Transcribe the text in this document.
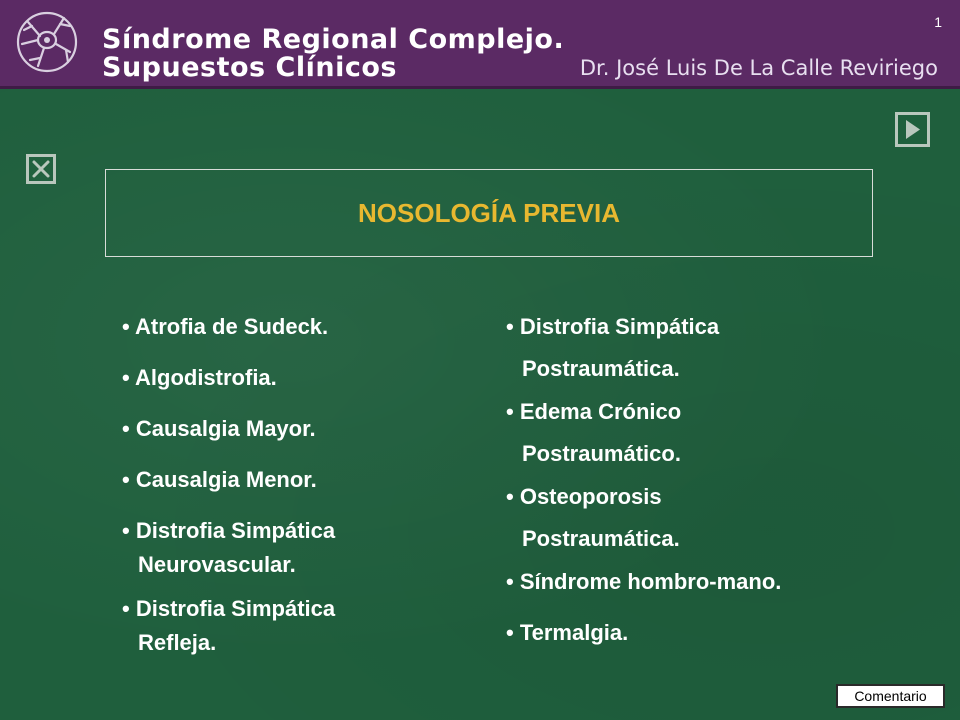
Síndrome Regional Complejo.
Supuestos Clínicos	Dr. José Luis De La Calle Reviriego
1
NOSOLOGÍA PREVIA
• Atrofia de Sudeck.
• Algodistrofia.
• Causalgia Mayor.
• Causalgia Menor.
• Distrofia Simpática
Neurovascular.
• Distrofia Simpática
Refleja.
• Distrofia Simpática
Postraumática.
• Edema Crónico
Postraumático.
• Osteoporosis
Postraumática.
• Síndrome hombro-mano.
• Termalgia.
Comentario
